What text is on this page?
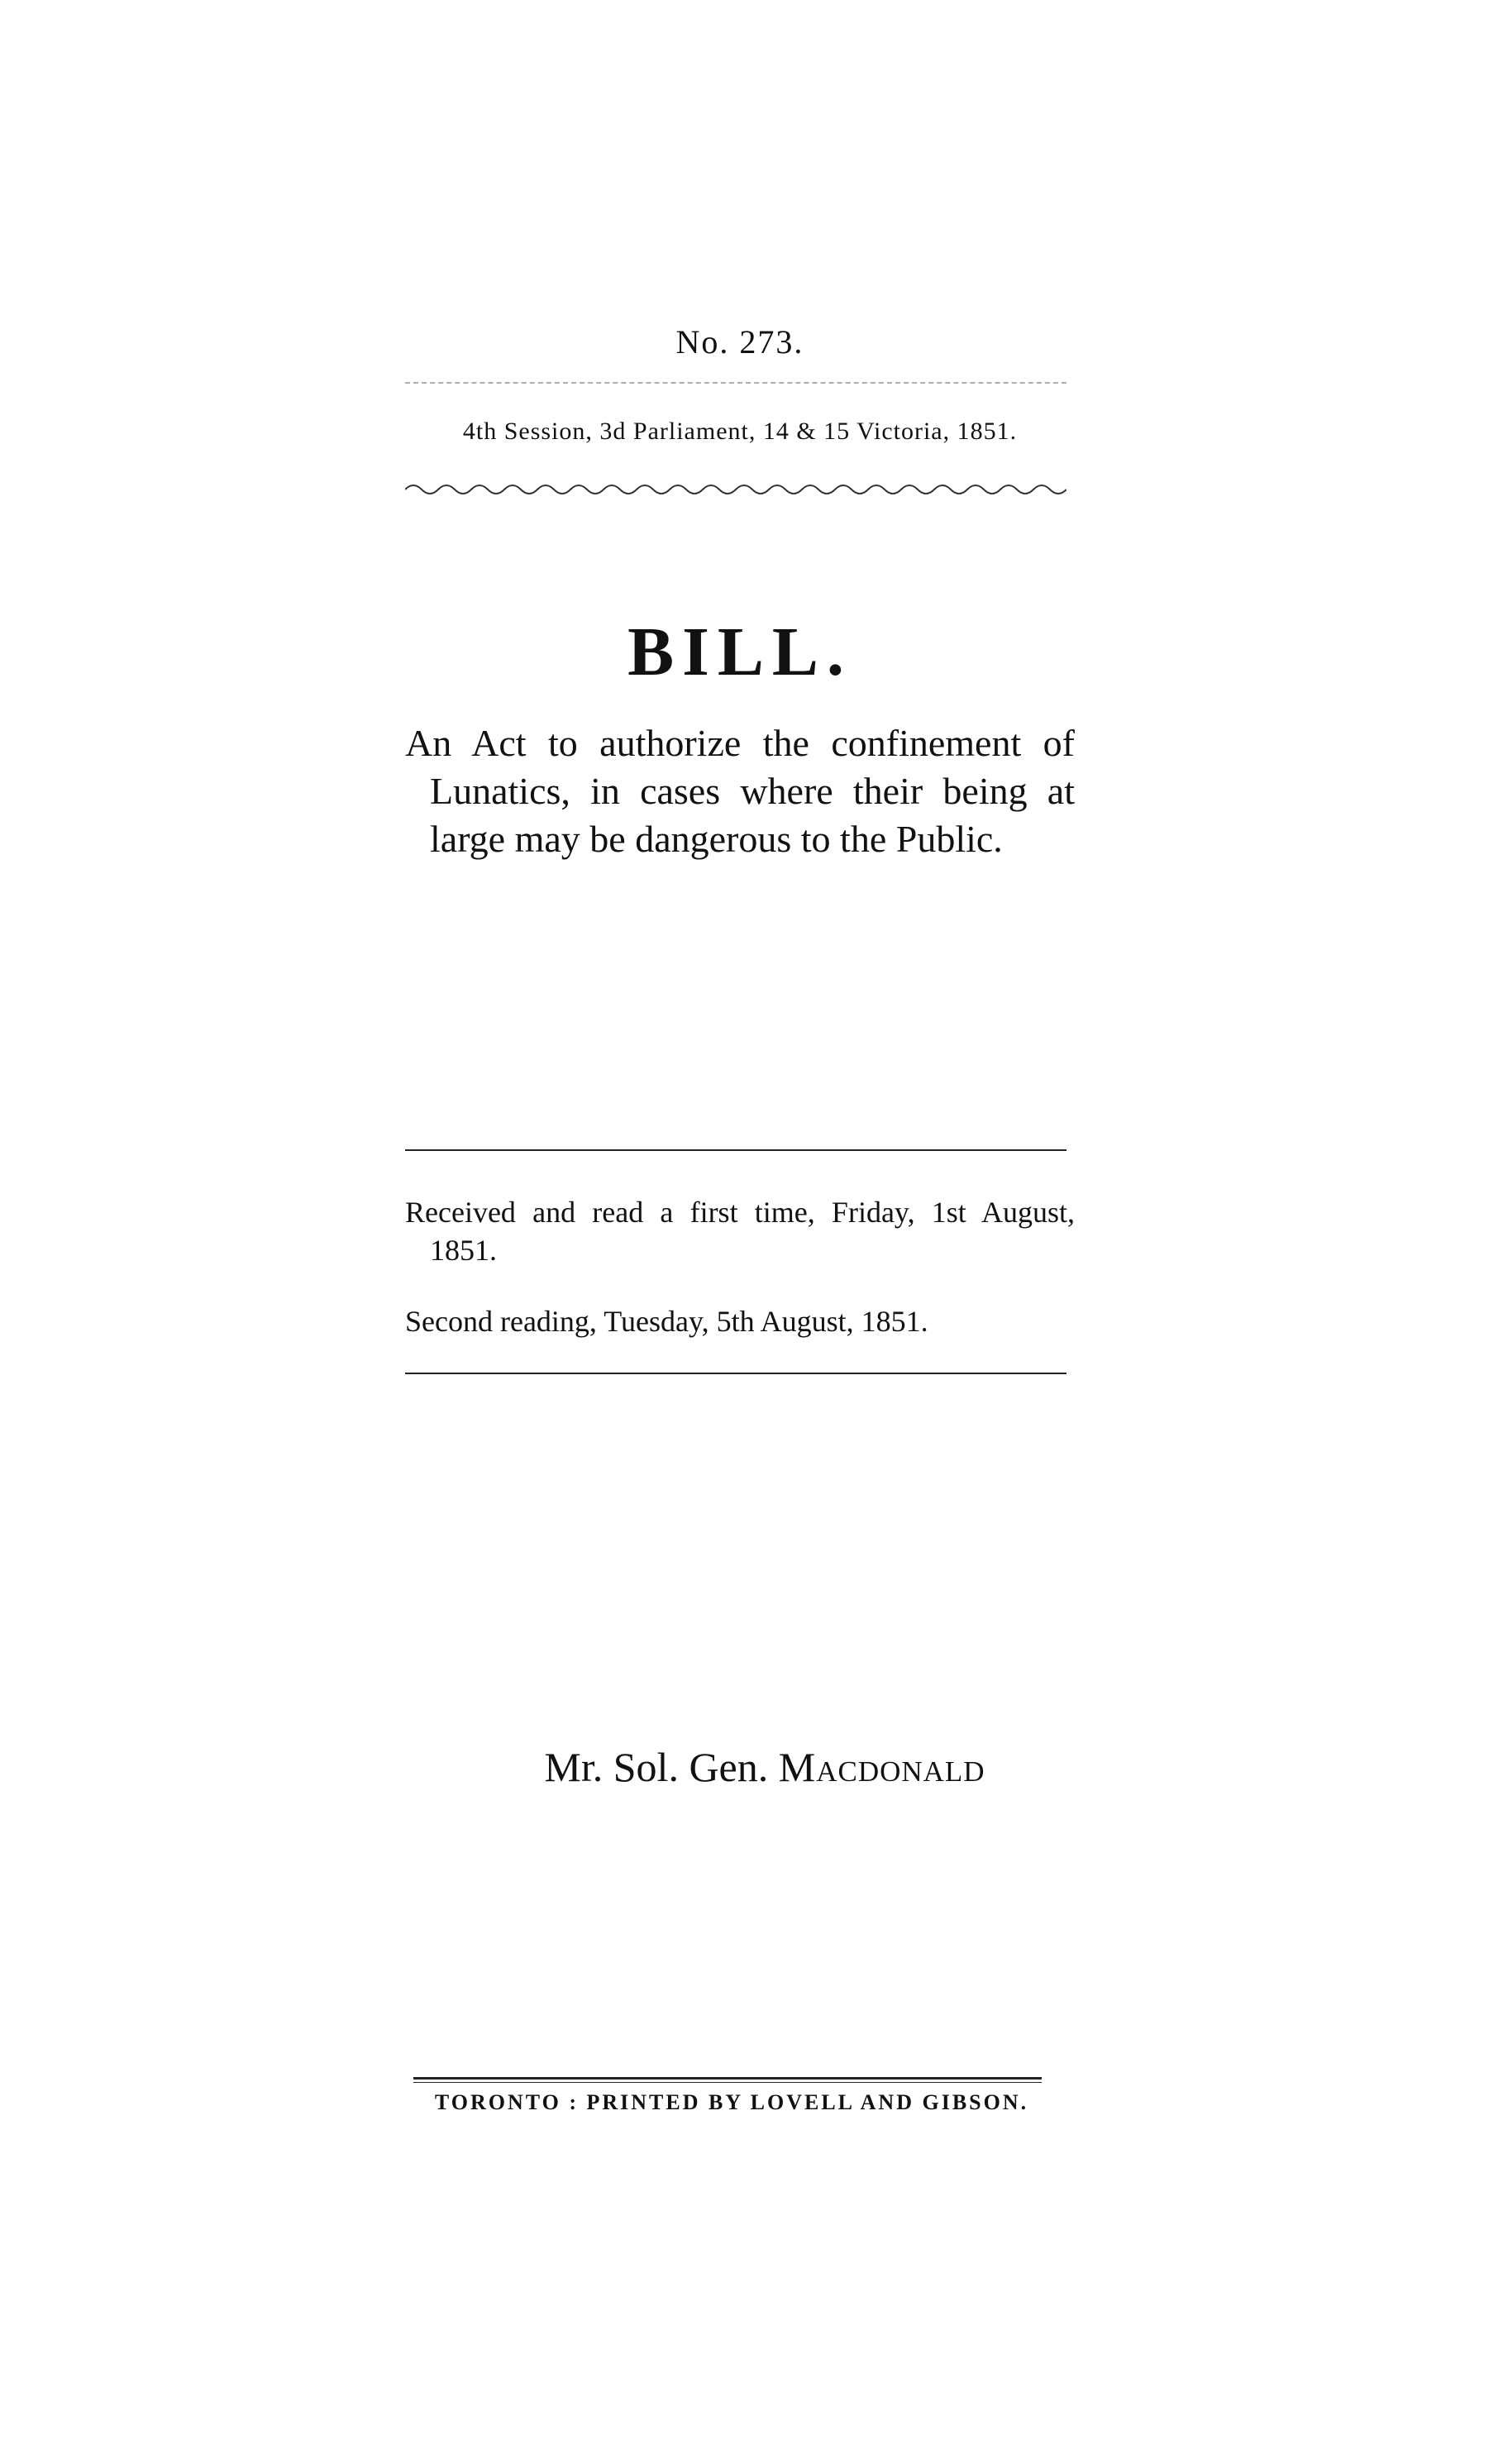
No. 273.
4th Session, 3d Parliament, 14 & 15 Victoria, 1851.
BILL.
An Act to authorize the confinement of Lunatics, in cases where their being at large may be dangerous to the Public.
Received and read a first time, Friday, 1st August, 1851.
Second reading, Tuesday, 5th August, 1851.
Mr. Sol. Gen. Macdonald
TORONTO : PRINTED BY LOVELL AND GIBSON.
